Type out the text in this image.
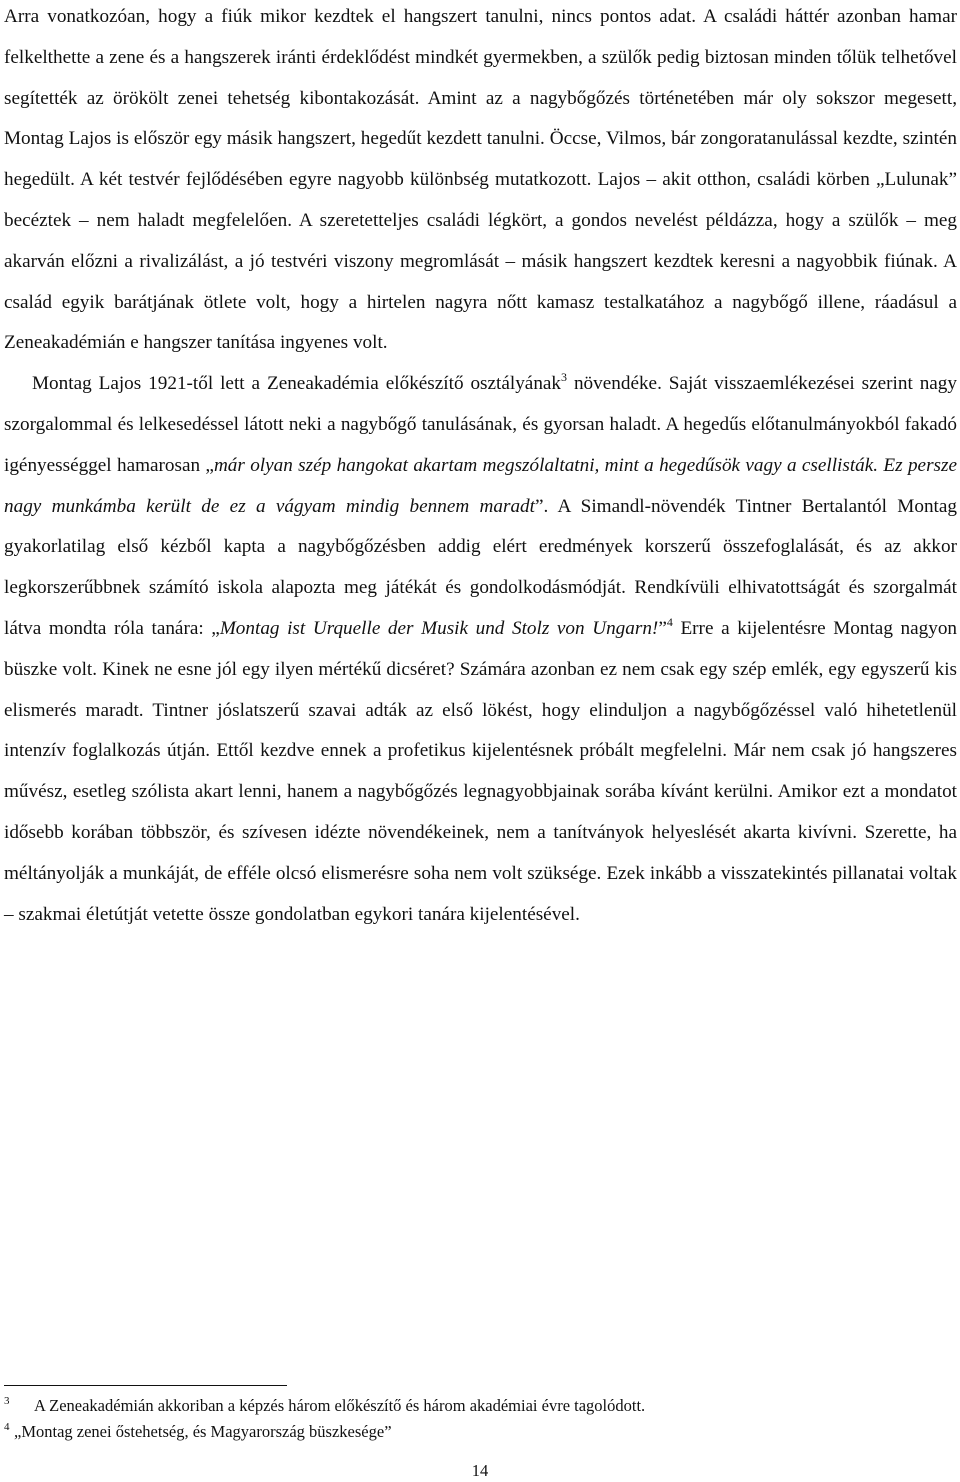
Arra vonatkozóan, hogy a fiúk mikor kezdtek el hangszert tanulni, nincs pontos adat. A családi háttér azonban hamar felkelthette a zene és a hangszerek iránti érdeklődést mindkét gyermekben, a szülők pedig biztosan minden tőlük telhetővel segítették az örökölt zenei tehetség kibontakozását. Amint az a nagybőgőzés történetében már oly sokszor megesett, Montag Lajos is először egy másik hangszert, hegedűt kezdett tanulni. Öccse, Vilmos, bár zongoratanulással kezdte, szintén hegedült. A két testvér fejlődésében egyre nagyobb különbség mutatkozott. Lajos – akit otthon, családi körben „Lulunak” becéztek – nem haladt megfelelően. A szeretetteljes családi légkört, a gondos nevelést példázza, hogy a szülők – meg akarván előzni a rivalizálást, a jó testvéri viszony megromlását – másik hangszert kezdtek keresni a nagyobbik fiúnak. A család egyik barátjának ötlete volt, hogy a hirtelen nagyra nőtt kamasz testalkatához a nagybőgő illene, ráadásul a Zeneakadémián e hangszer tanítása ingyenes volt.

Montag Lajos 1921-től lett a Zeneakadémia előkészítő osztályának$^3$ növendéke. Saját visszaemlékezései szerint nagy szorgalommal és lelkesedéssel látott neki a nagybőgő tanulásának, és gyorsan haladt. A hegedűs előtanulmányokból fakadó igényességgel hamarosan „már olyan szép hangokat akartam megszólaltatni, mint a hegedűsök vagy a csellisták. Ez persze nagy munkámba került de ez a vágyam mindig bennem maradt”. A Simandl-növendék Tintner Bertalantól Montag gyakorlatilag első kézből kapta a nagybőgőzésben addig elért eredmények korszerű összefoglalását, és az akkor legkorszerűbbnek számító iskola alapozta meg játékát és gondolkodásmódját. Rendkívüli elhivatottságát és szorgalmát látva mondta róla tanára: „Montag ist Urquelle der Musik und Stolz von Ungarn!”$^4$ Erre a kijelentésre Montag nagyon büszke volt. Kinek ne esne jól egy ilyen mértékű dicséret? Számára azonban ez nem csak egy szép emlék, egy egyszerű kis elismerés maradt. Tintner jóslatszerű szavai adták az első lökést, hogy elinduljon a nagybőgőzéssel való hihetetlenül intenzív foglalkozás útján. Ettől kezdve ennek a profetikus kijelentésnek próbált megfelelni. Már nem csak jó hangszeres művész, esetleg szólista akart lenni, hanem a nagybőgőzés legnagyobbjainak sorába kívánt kerülni. Amikor ezt a mondatot idősebb korában többször, és szívesen idézte növendékeinek, nem a tanítványok helyeslését akarta kivívni. Szerette, ha méltányolják a munkáját, de efféle olcsó elismerésre soha nem volt szüksége. Ezek inkább a visszatekintés pillanatai voltak – szakmai életútját vetette össze gondolatban egykori tanára kijelentésével.

3 A Zeneakadémián akkoriban a képzés három előkészítő és három akadémiai évre tagolódott.
4 „Montag zenei őstehetség, és Magyarország büszkesége”
14
